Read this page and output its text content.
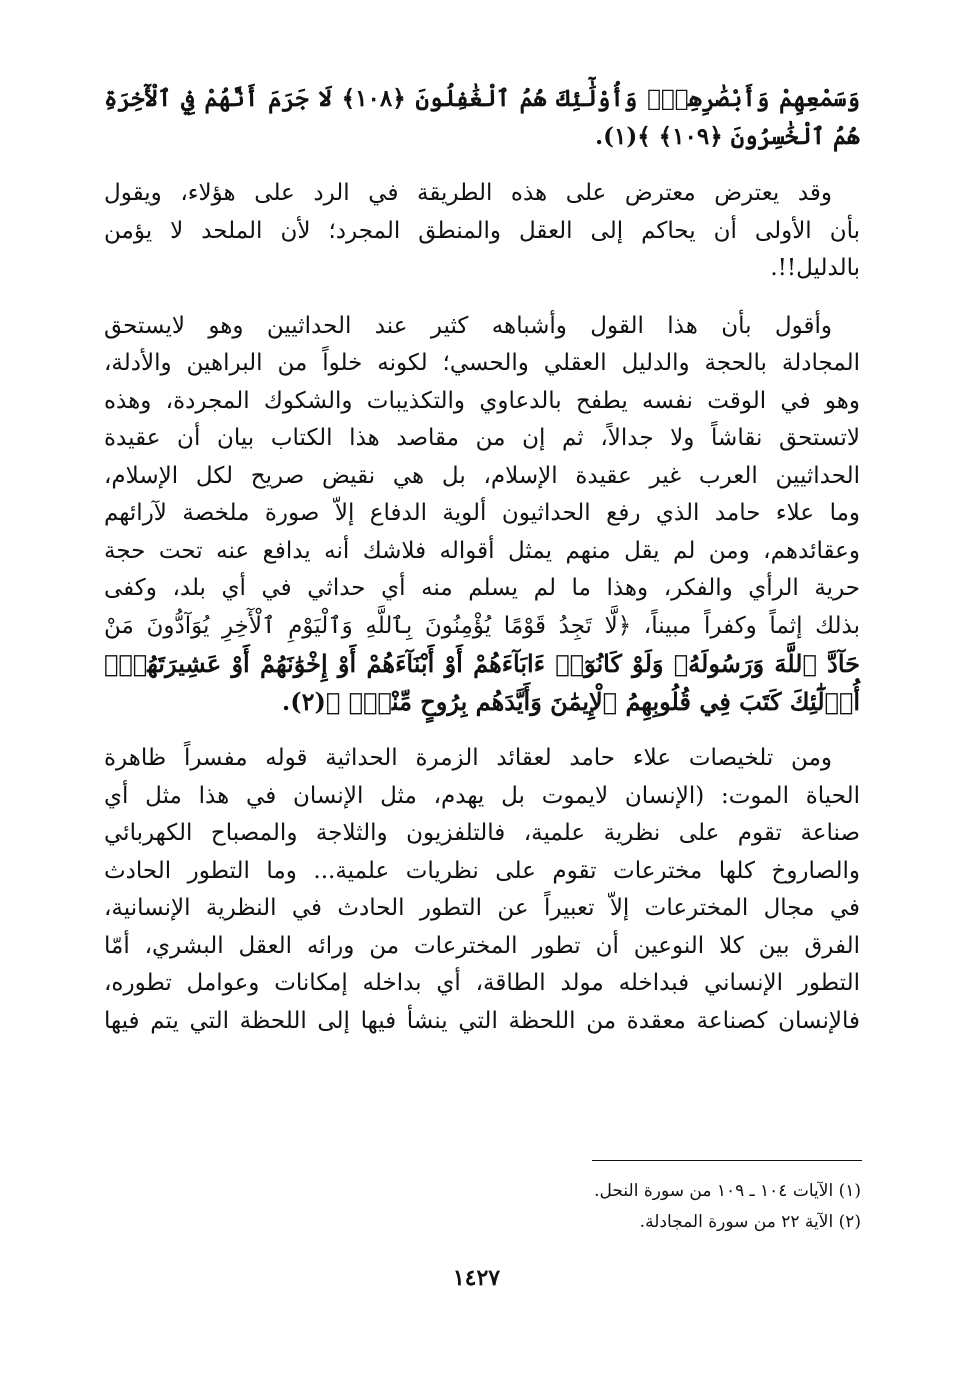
وَسَمْعِهِمْ وَأَبْصَٰرِهِمْۖ وَأُوْلَٰٓئِكَ هُمُ ٱلْغَٰفِلُونَ ﴿١٠٨﴾ لَا جَرَمَ أَنَّهُمْ فِي ٱلْأٓخِرَةِ
هُمُ ٱلْخَٰسِرُونَ ﴿١٠٩﴾ ﴾(١).
وقد يعترض معترض على هذه الطريقة في الرد على هؤلاء، ويقول
بأن الأولى أن يحاكم إلى العقل والمنطق المجرد؛ لأن الملحد لا يؤمن
بالدليل!!.
وأقول بأن هذا القول وأشباهه كثير عند الحداثيين وهو لايستحق
المجادلة بالحجة والدليل العقلي والحسي؛ لكونه خلواً من البراهين والأدلة،
وهو في الوقت نفسه يطفح بالدعاوي والتكذيبات والشكوك المجردة، وهذه
لاتستحق نقاشاً ولا جدالاً، ثم إن من مقاصد هذا الكتاب بيان أن عقيدة
الحداثيين العرب غير عقيدة الإسلام، بل هي نقيض صريح لكل الإسلام،
وما علاء حامد الذي رفع الحداثيون ألوية الدفاع إلاّ صورة ملخصة لآرائهم
وعقائدهم، ومن لم يقل منهم يمثل أقواله فلاشك أنه يدافع عنه تحت حجة
حرية الرأي والفكر، وهذا ما لم يسلم منه أي حداثي في أي بلد، وكفى
بذلك إثماً وكفراً مبيناً، ﴿لَّا تَجِدُ قَوْمًا يُؤْمِنُونَ بِٱللَّهِ وَٱلْيَوْمِ ٱلْأٓخِرِ يُوَآدُّونَ مَنْ
حَآدَّ ٱللَّهَ وَرَسُولَهُۥ وَلَوْ كَانُوٓا۟ ءَابَآءَهُمْ أَوْ أَبْنَآءَهُمْ أَوْ إِخْوَٰنَهُمْ أَوْ عَشِيرَتَهُمْۚ
أُو۟لَٰٓئِكَ كَتَبَ فِي قُلُوبِهِمُ ٱلْإِيمَٰنَ وَأَيَّدَهُم بِرُوحٍ مِّنْهُۖ ﴾(٢).
ومن تلخيصات علاء حامد لعقائد الزمرة الحداثية قوله مفسراً ظاهرة
الحياة الموت: (الإنسان لايموت بل يهدم، مثل الإنسان في هذا مثل أي
صناعة تقوم على نظرية علمية، فالتلفزيون والثلاجة والمصباح الكهربائي
والصاروخ كلها مخترعات تقوم على نظريات علمية... وما التطور الحادث
في مجال المخترعات إلاّ تعبيراً عن التطور الحادث في النظرية الإنسانية،
الفرق بين كلا النوعين أن تطور المخترعات من ورائه العقل البشري، أمّا
التطور الإنساني فبداخله مولد الطاقة، أي بداخله إمكانات وعوامل تطوره،
فالإنسان كصناعة معقدة من اللحظة التي ينشأ فيها إلى اللحظة التي يتم فيها
(١) الآيات ١٠٤ ـ ١٠٩ من سورة النحل.
(٢) الآية ٢٢ من سورة المجادلة.
١٤٢٧
